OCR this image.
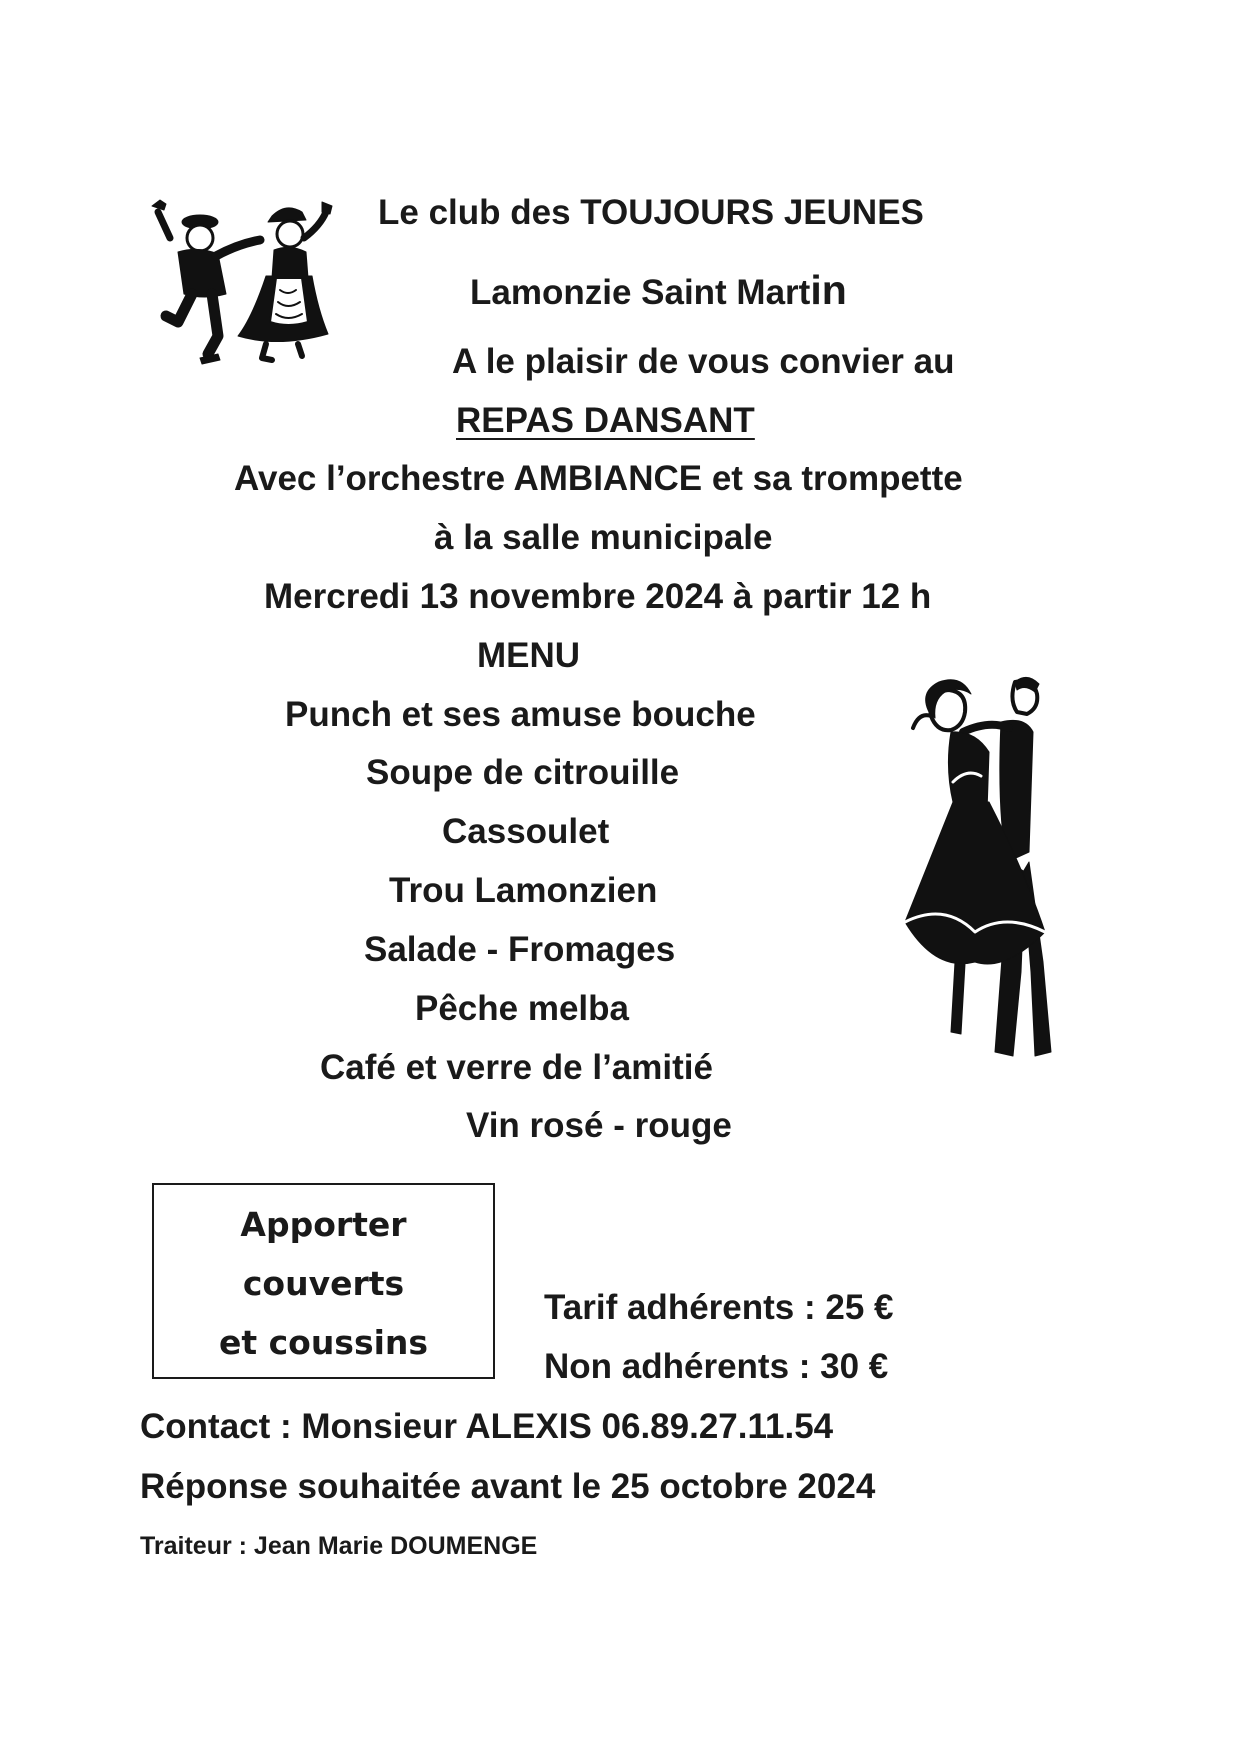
Le club des TOUJOURS JEUNES
Lamonzie Saint Martin
A le plaisir de vous convier au
REPAS DANSANT
Avec l’orchestre AMBIANCE et sa trompette
à la salle municipale
Mercredi 13 novembre 2024 à partir 12 h
MENU
Punch et ses amuse bouche
Soupe de citrouille
Cassoulet
Trou Lamonzien
Salade - Fromages
Pêche melba
Café et verre de l’amitié
Vin rosé - rouge
Apporter
couverts
et coussins
Tarif adhérents : 25 €
Non adhérents : 30 €
Contact : Monsieur ALEXIS 06.89.27.11.54
Réponse souhaitée avant le 25 octobre 2024
Traiteur : Jean Marie DOUMENGE
